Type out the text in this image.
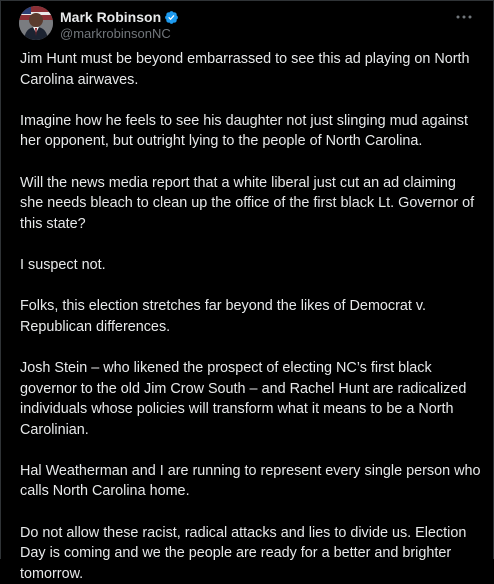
Mark Robinson
@markrobinsonNC

Jim Hunt must be beyond embarrassed to see this ad playing on North Carolina airwaves.

Imagine how he feels to see his daughter not just slinging mud against her opponent, but outright lying to the people of North Carolina.

Will the news media report that a white liberal just cut an ad claiming she needs bleach to clean up the office of the first black Lt. Governor of this state?

I suspect not.

Folks, this election stretches far beyond the likes of Democrat v. Republican differences.

Josh Stein – who likened the prospect of electing NC’s first black governor to the old Jim Crow South – and Rachel Hunt are radicalized individuals whose policies will transform what it means to be a North Carolinian.

Hal Weatherman and I are running to represent every single person who calls North Carolina home.

Do not allow these racist, radical attacks and lies to divide us. Election Day is coming and we the people are ready for a better and brighter tomorrow.
